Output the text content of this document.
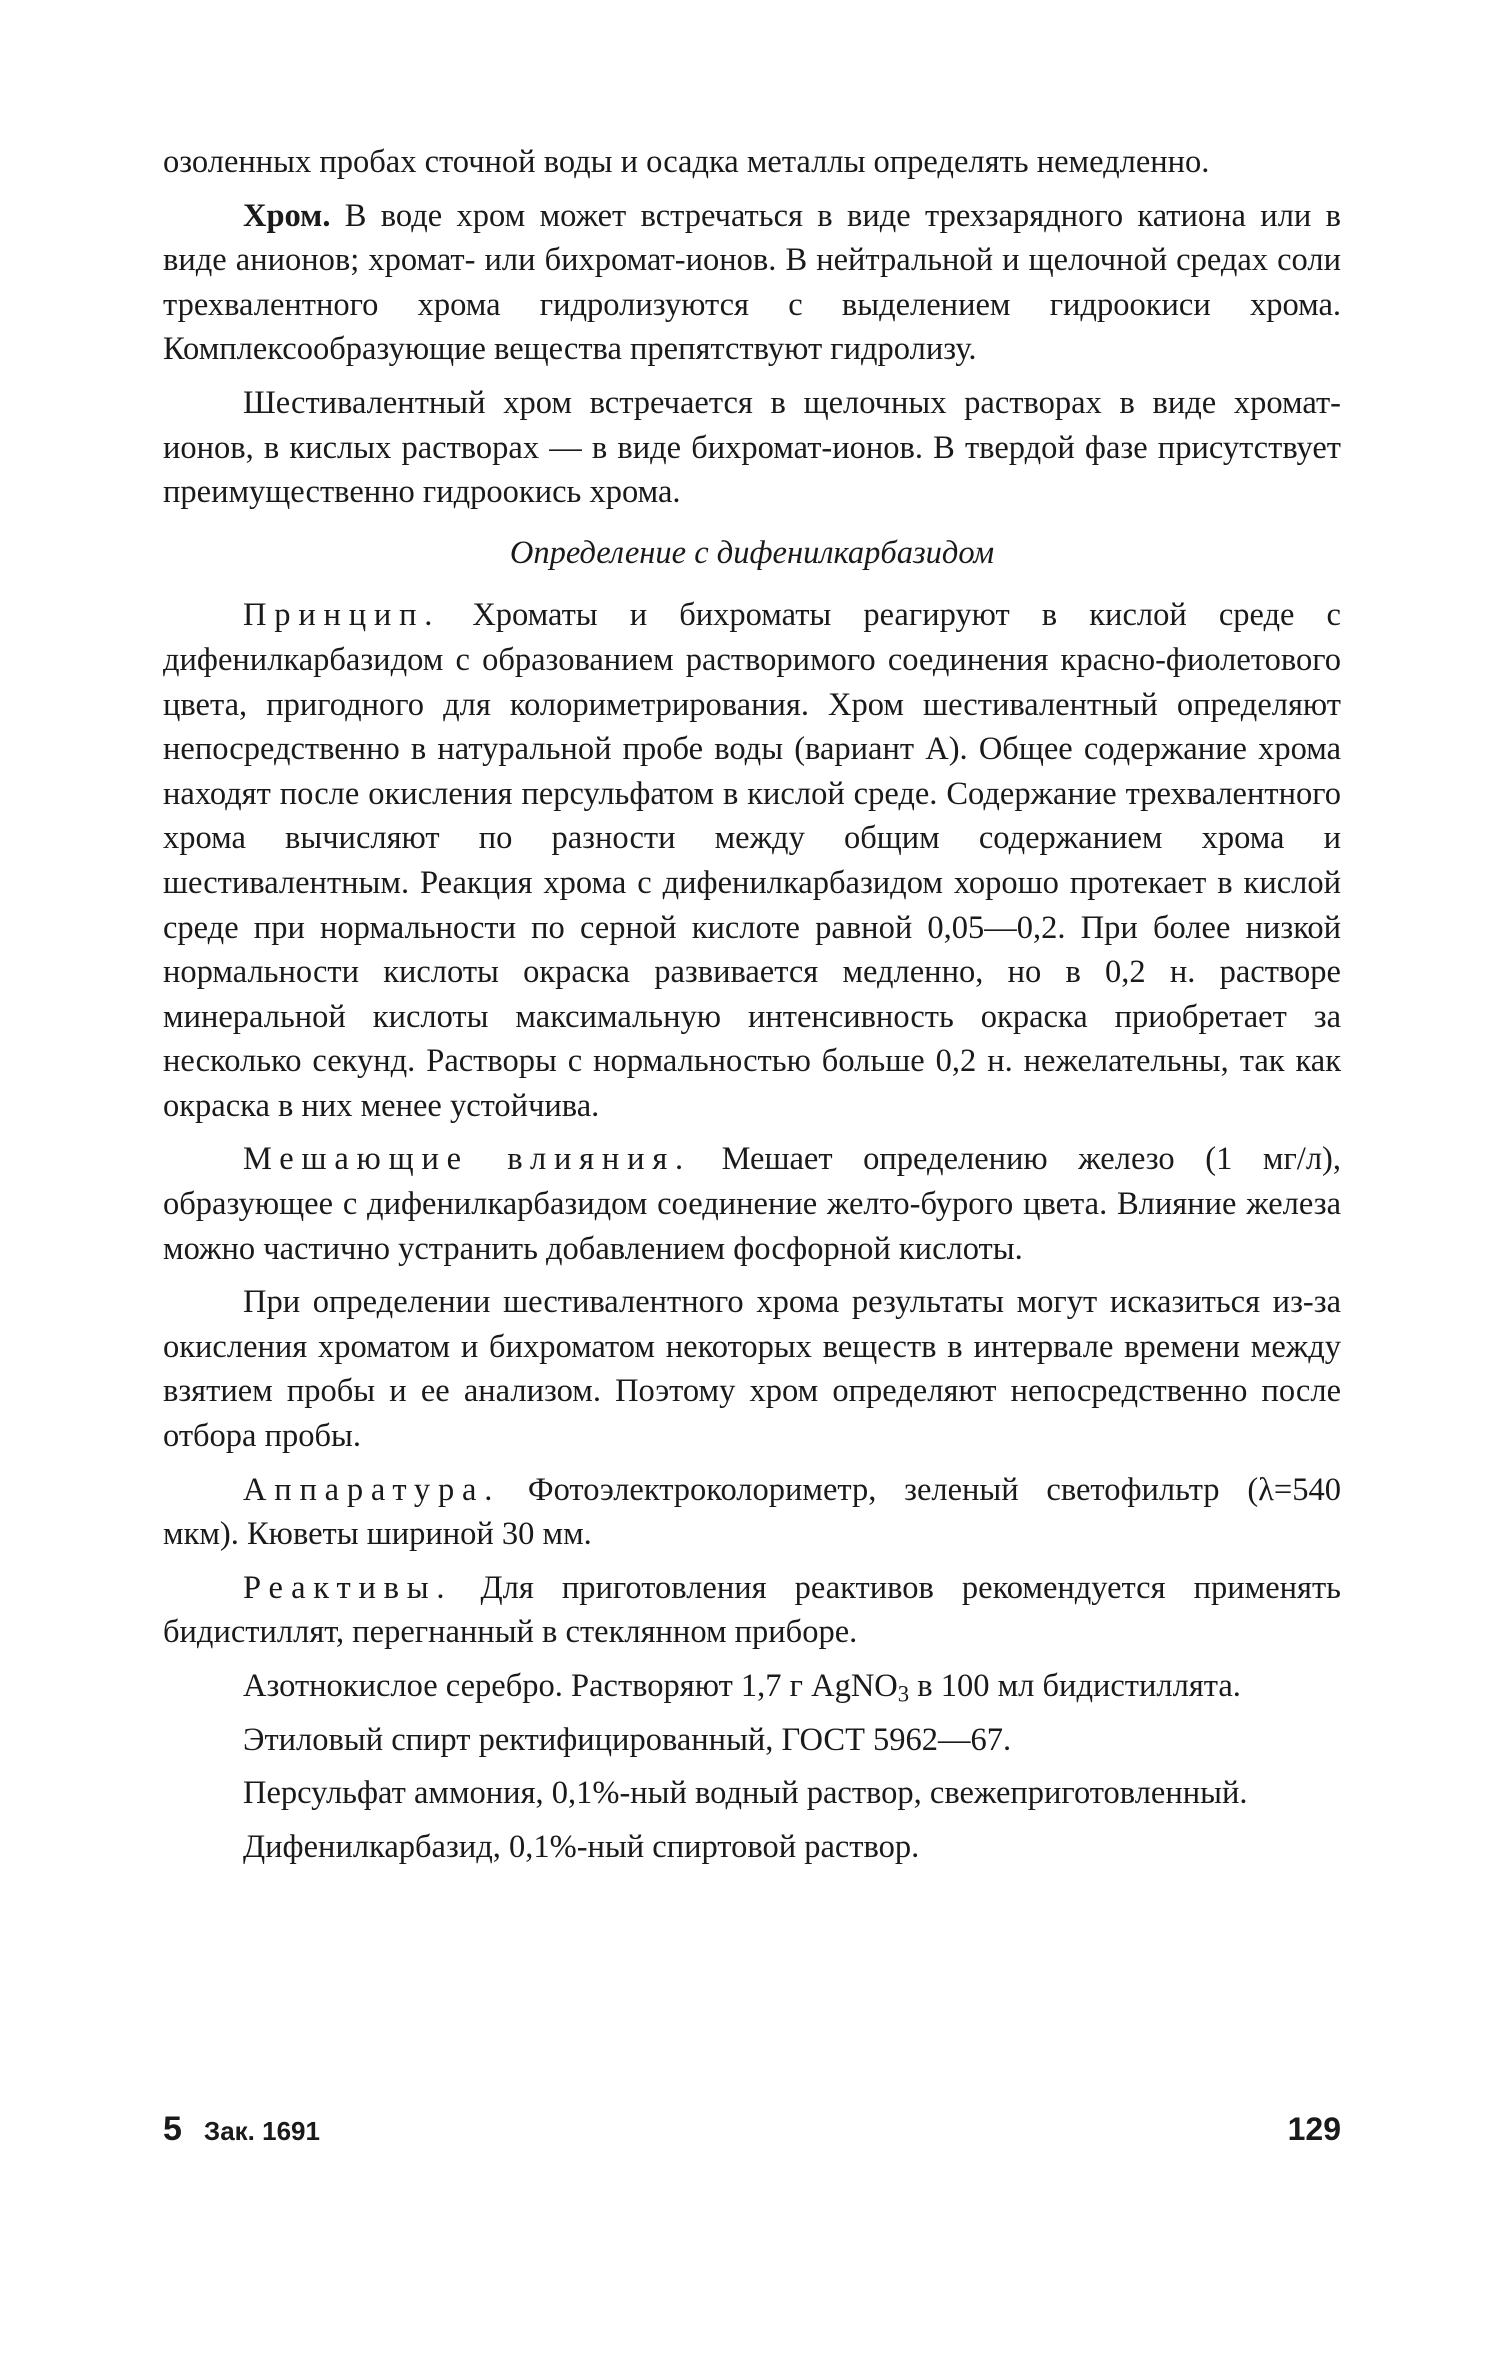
озоленных пробах сточной воды и осадка металлы определять немедленно.

Хром. В воде хром может встречаться в виде трехзарядного катиона или в виде анионов; хромат- или бихромат-ионов. В нейтральной и щелочной средах соли трехвалентного хрома гидролизуются с выделением гидроокиси хрома. Комплексообразующие вещества препятствуют гидролизу.

Шестивалентный хром встречается в щелочных растворах в виде хромат-ионов, в кислых растворах — в виде бихромат-ионов. В твердой фазе присутствует преимущественно гидроокись хрома.

Определение с дифенилкарбазидом

Принцип. Хроматы и бихроматы реагируют в кислой среде с дифенилкарбазидом с образованием растворимого соединения красно-фиолетового цвета, пригодного для колориметрирования. Хром шестивалентный определяют непосредственно в натуральной пробе воды (вариант А). Общее содержание хрома находят после окисления персульфатом в кислой среде. Содержание трехвалентного хрома вычисляют по разности между общим содержанием хрома и шестивалентным. Реакция хрома с дифенилкарбазидом хорошо протекает в кислой среде при нормальности по серной кислоте равной 0,05—0,2. При более низкой нормальности кислоты окраска развивается медленно, но в 0,2 н. растворе минеральной кислоты максимальную интенсивность окраска приобретает за несколько секунд. Растворы с нормальностью больше 0,2 н. нежелательны, так как окраска в них менее устойчива.

Мешающие влияния. Мешает определению железо (1 мг/л), образующее с дифенилкарбазидом соединение желто-бурого цвета. Влияние железа можно частично устранить добавлением фосфорной кислоты.

При определении шестивалентного хрома результаты могут исказиться из-за окисления хроматом и бихроматом некоторых веществ в интервале времени между взятием пробы и ее анализом. Поэтому хром определяют непосредственно после отбора пробы.

Аппаратура. Фотоэлектроколориметр, зеленый светофильтр (λ=540 мкм). Кюветы шириной 30 мм.

Реактивы. Для приготовления реактивов рекомендуется применять бидистиллят, перегнанный в стеклянном приборе.

Азотнокислое серебро. Растворяют 1,7 г AgNO$_3$ в 100 мл бидистиллята.

Этиловый спирт ректифицированный, ГОСТ 5962—67.

Персульфат аммония, 0,1%-ный водный раствор, свежеприготовленный.

Дифенилкарбазид, 0,1%-ный спиртовой раствор.

5 Зак. 1691	129
